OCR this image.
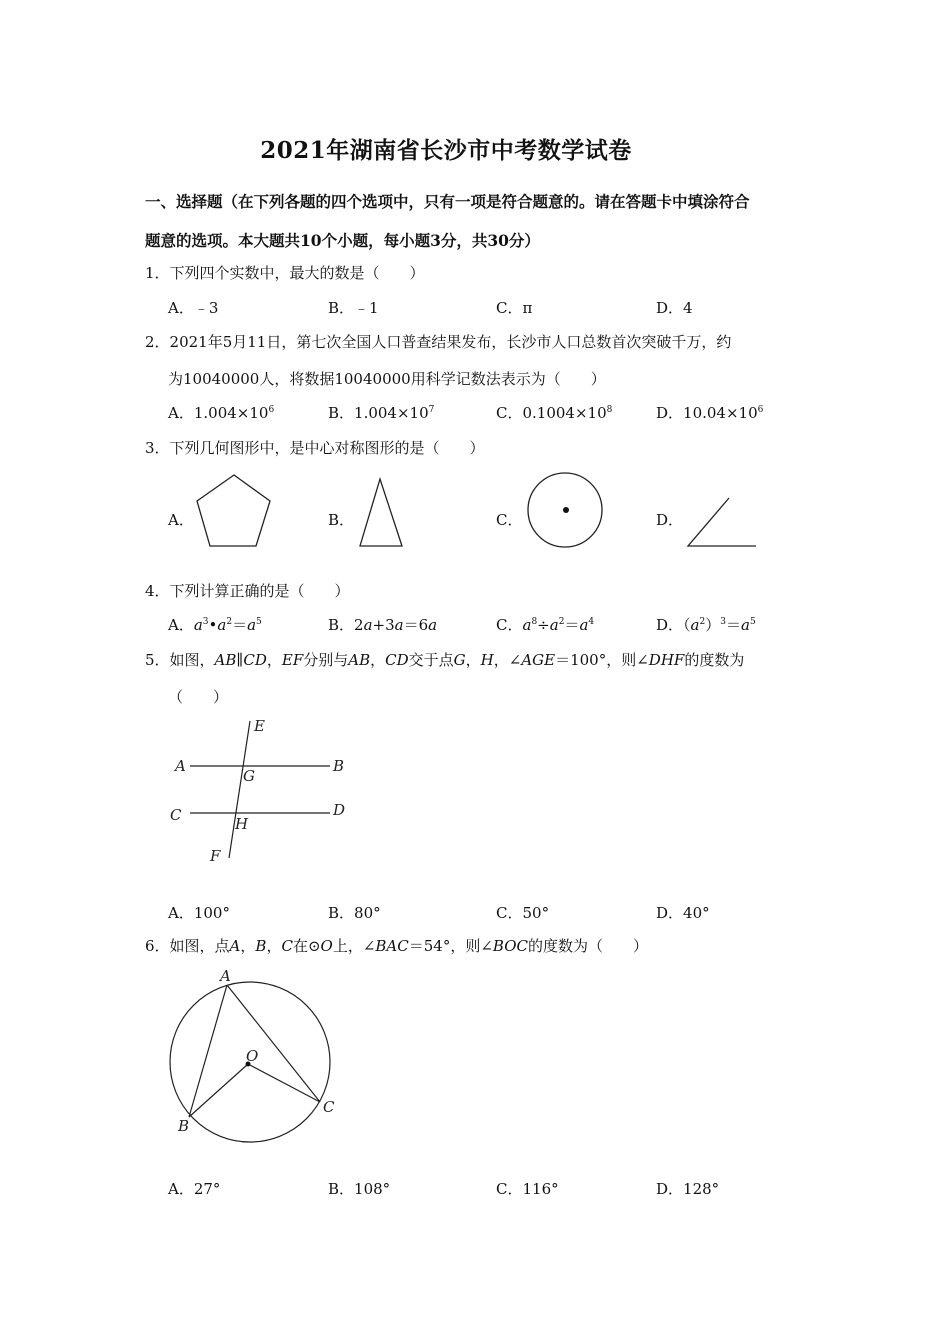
2021年湖南省长沙市中考数学试卷
一、选择题（在下列各题的四个选项中，只有一项是符合题意的。请在答题卡中填涂符合
题意的选项。本大题共10个小题，每小题3分，共30分）
1．下列四个实数中，最大的数是（　　）
A．﹣3	B．﹣1	C．π	D．4
2．2021年5月11日，第七次全国人口普查结果发布，长沙市人口总数首次突破千万，约
为10040000人，将数据10040000用科学记数法表示为（　　）
A．$1.004\times 10^6$	B．$1.004\times 10^7$	C．$0.1004\times 10^8$	D．$10.04\times 10^6$
3．下列几何图形中，是中心对称图形的是（　　）
A．	B．	C．	D．
4．下列计算正确的是（　　）
A．$a^3•a^2=a^5$	B．2a+3a＝6a	C．$a^8\div a^2=a^4$	D．$(a^2)^3=a^5$
5．如图，AB∥CD，EF分别与AB，CD交于点G，H，∠AGE＝100°，则∠DHF的度数为
（　　）
A	B
C	D
E
F
G
H
A．100°	B．80°	C．50°	D．40°
6．如图，点A，B，C在⊙O上，∠BAC＝54°，则∠BOC的度数为（　　）
A
O
B
C
A．27°	B．108°	C．116°	D．128°
